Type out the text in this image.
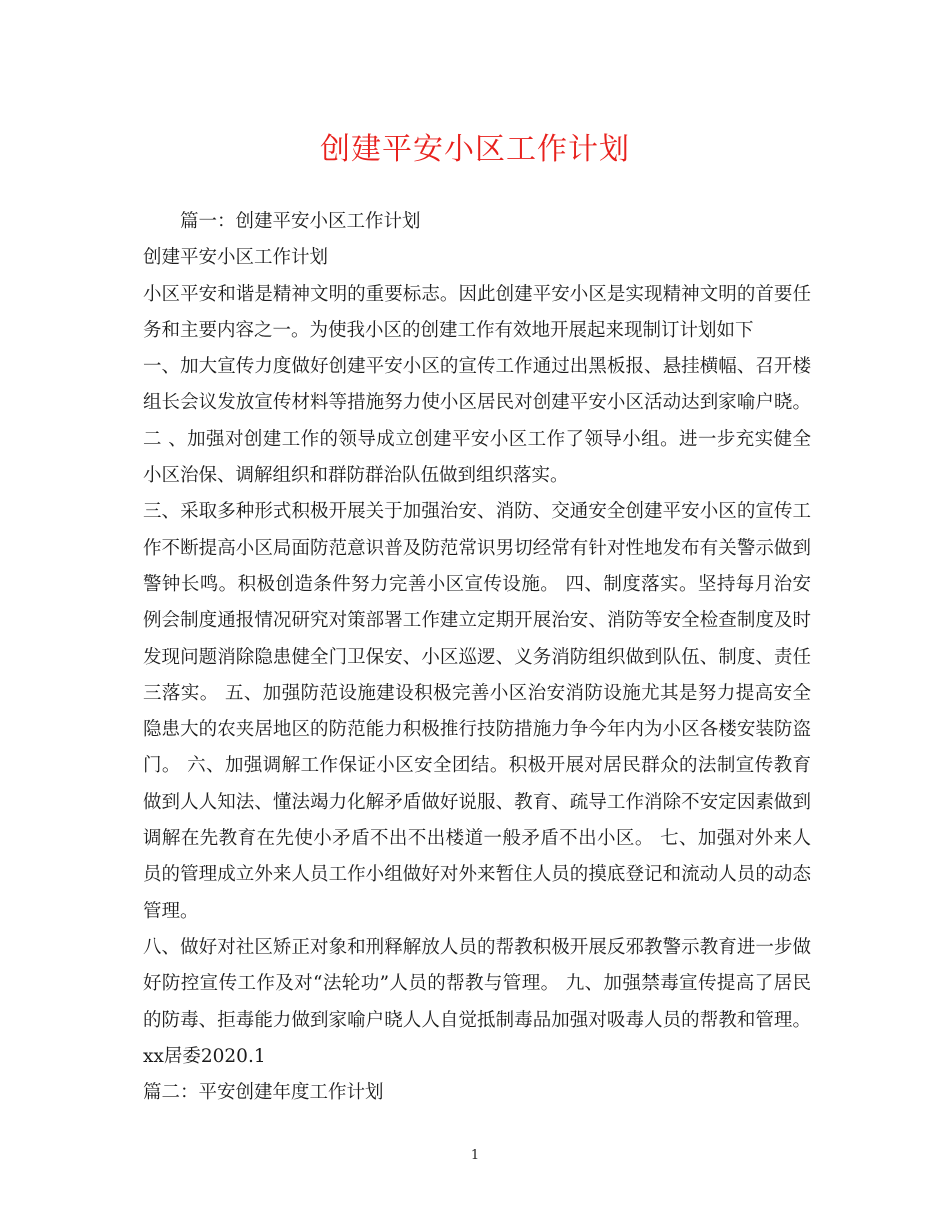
创建平安小区工作计划

篇一：创建平安小区工作计划

创建平安小区工作计划

小区平安和谐是精神文明的重要标志。因此创建平安小区是实现精神文明的首要任务和主要内容之一。为使我小区的创建工作有效地开展起来现制订计划如下

一、加大宣传力度做好创建平安小区的宣传工作通过出黑板报、悬挂横幅、召开楼组长会议发放宣传材料等措施努力使小区居民对创建平安小区活动达到家喻户晓。 二 、加强对创建工作的领导成立创建平安小区工作了领导小组。进一步充实健全小区治保、调解组织和群防群治队伍做到组织落实。

三、采取多种形式积极开展关于加强治安、消防、交通安全创建平安小区的宣传工作不断提高小区局面防范意识普及防范常识男切经常有针对性地发布有关警示做到警钟长鸣。积极创造条件努力完善小区宣传设施。 四、制度落实。坚持每月治安例会制度通报情况研究对策部署工作建立定期开展治安、消防等安全检查制度及时发现问题消除隐患健全门卫保安、小区巡逻、义务消防组织做到队伍、制度、责任三落实。 五、加强防范设施建设积极完善小区治安消防设施尤其是努力提高安全隐患大的农夹居地区的防范能力积极推行技防措施力争今年内为小区各楼安装防盗门。 六、加强调解工作保证小区安全团结。积极开展对居民群众的法制宣传教育做到人人知法、懂法竭力化解矛盾做好说服、教育、疏导工作消除不安定因素做到调解在先教育在先使小矛盾不出不出楼道一般矛盾不出小区。 七、加强对外来人员的管理成立外来人员工作小组做好对外来暂住人员的摸底登记和流动人员的动态管理。

八、做好对社区矫正对象和刑释解放人员的帮教积极开展反邪教警示教育进一步做好防控宣传工作及对“法轮功”人员的帮教与管理。 九、加强禁毒宣传提高了居民的防毒、拒毒能力做到家喻户晓人人自觉抵制毒品加强对吸毒人员的帮教和管理。 xx居委2020.1

篇二：平安创建年度工作计划

1
